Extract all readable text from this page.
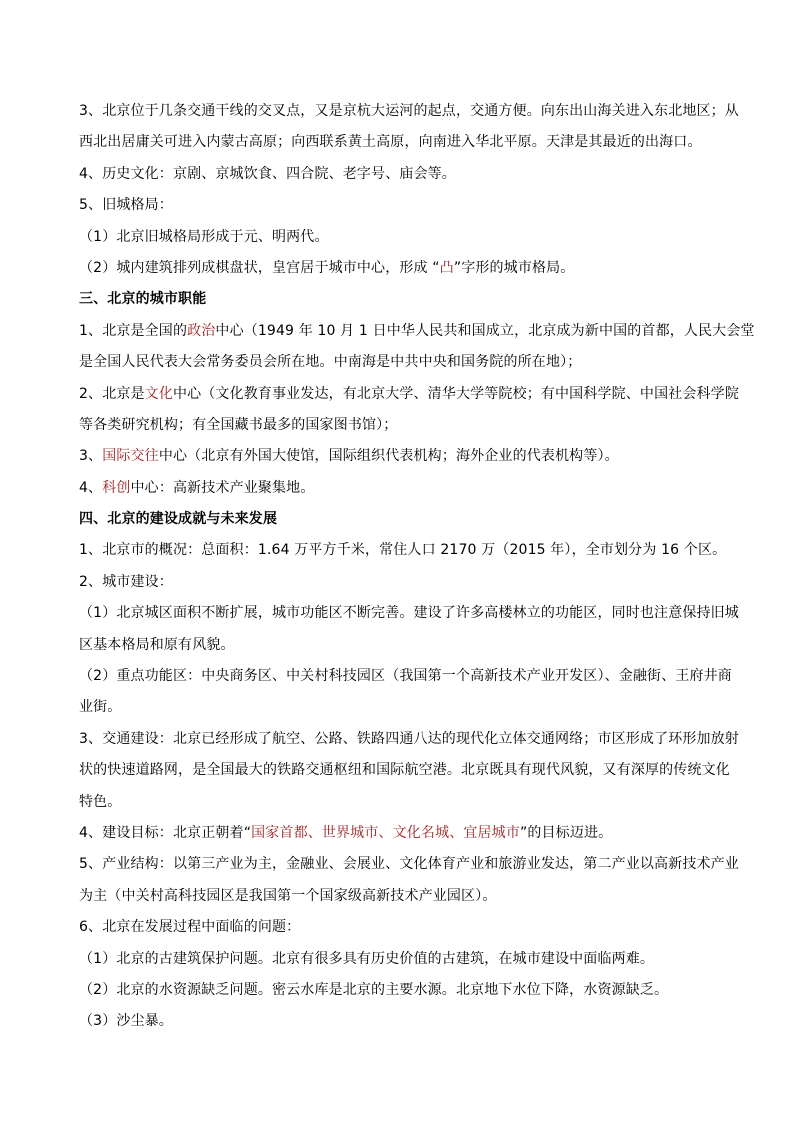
3、北京位于几条交通干线的交叉点，又是京杭大运河的起点，交通方便。向东出山海关进入东北地区；从
西北出居庸关可进入内蒙古高原；向西联系黄土高原，向南进入华北平原。天津是其最近的出海口。
4、历史文化：京剧、京城饮食、四合院、老字号、庙会等。
5、旧城格局：
（1）北京旧城格局形成于元、明两代。
（2）城内建筑排列成棋盘状，皇宫居于城市中心，形成 “凸”字形的城市格局。
三、北京的城市职能
1、北京是全国的政治中心（1949 年 10 月 1 日中华人民共和国成立，北京成为新中国的首都，人民大会堂
是全国人民代表大会常务委员会所在地。中南海是中共中央和国务院的所在地）；
2、北京是文化中心（文化教育事业发达，有北京大学、清华大学等院校；有中国科学院、中国社会科学院
等各类研究机构；有全国藏书最多的国家图书馆）；
3、国际交往中心（北京有外国大使馆，国际组织代表机构；海外企业的代表机构等）。
4、科创中心：高新技术产业聚集地。
四、北京的建设成就与未来发展
1、北京市的概况：总面积：1.64 万平方千米，常住人口 2170 万（2015 年），全市划分为 16 个区。
2、城市建设：
（1）北京城区面积不断扩展，城市功能区不断完善。建设了许多高楼林立的功能区，同时也注意保持旧城
区基本格局和原有风貌。
（2）重点功能区：中央商务区、中关村科技园区（我国第一个高新技术产业开发区）、金融街、王府井商
业街。
3、交通建设：北京已经形成了航空、公路、铁路四通八达的现代化立体交通网络；市区形成了环形加放射
状的快速道路网，是全国最大的铁路交通枢纽和国际航空港。北京既具有现代风貌，又有深厚的传统文化
特色。
4、建设目标：北京正朝着“国家首都、世界城市、文化名城、宜居城市”的目标迈进。
5、产业结构：以第三产业为主，金融业、会展业、文化体育产业和旅游业发达，第二产业以高新技术产业
为主（中关村高科技园区是我国第一个国家级高新技术产业园区）。
6、北京在发展过程中面临的问题：
（1）北京的古建筑保护问题。北京有很多具有历史价值的古建筑，在城市建设中面临两难。
（2）北京的水资源缺乏问题。密云水库是北京的主要水源。北京地下水位下降，水资源缺乏。
（3）沙尘暴。
